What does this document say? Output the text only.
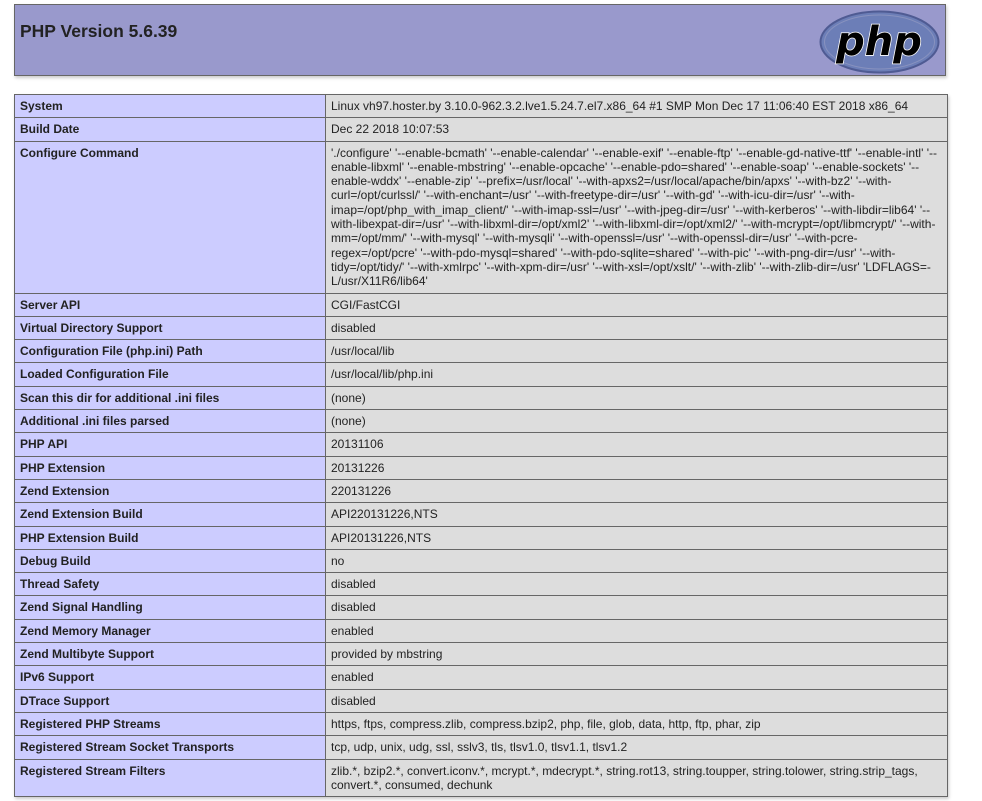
PHP Version 5.6.39	php
System	Linux vh97.hoster.by 3.10.0-962.3.2.lve1.5.24.7.el7.x86_64 #1 SMP Mon Dec 17 11:06:40 EST 2018 x86_64
Build Date	Dec 22 2018 10:07:53
Configure Command	'./configure' '--enable-bcmath' '--enable-calendar' '--enable-exif' '--enable-ftp' '--enable-gd-native-ttf' '--enable-intl' '--enable-libxml' '--enable-mbstring' '--enable-opcache' '--enable-pdo=shared' '--enable-soap' '--enable-sockets' '--enable-wddx' '--enable-zip' '--prefix=/usr/local' '--with-apxs2=/usr/local/apache/bin/apxs' '--with-bz2' '--with-curl=/opt/curlssl/' '--with-enchant=/usr' '--with-freetype-dir=/usr' '--with-gd' '--with-icu-dir=/usr' '--with-imap=/opt/php_with_imap_client/' '--with-imap-ssl=/usr' '--with-jpeg-dir=/usr' '--with-kerberos' '--with-libdir=lib64' '--with-libexpat-dir=/usr' '--with-libxml-dir=/opt/xml2' '--with-libxml-dir=/opt/xml2/' '--with-mcrypt=/opt/libmcrypt/' '--with-mm=/opt/mm/' '--with-mysql' '--with-mysqli' '--with-openssl=/usr' '--with-openssl-dir=/usr' '--with-pcre-regex=/opt/pcre' '--with-pdo-mysql=shared' '--with-pdo-sqlite=shared' '--with-pic' '--with-png-dir=/usr' '--with-tidy=/opt/tidy/' '--with-xmlrpc' '--with-xpm-dir=/usr' '--with-xsl=/opt/xslt/' '--with-zlib' '--with-zlib-dir=/usr' 'LDFLAGS=-L/usr/X11R6/lib64'
Server API	CGI/FastCGI
Virtual Directory Support	disabled
Configuration File (php.ini) Path	/usr/local/lib
Loaded Configuration File	/usr/local/lib/php.ini
Scan this dir for additional .ini files	(none)
Additional .ini files parsed	(none)
PHP API	20131106
PHP Extension	20131226
Zend Extension	220131226
Zend Extension Build	API220131226,NTS
PHP Extension Build	API20131226,NTS
Debug Build	no
Thread Safety	disabled
Zend Signal Handling	disabled
Zend Memory Manager	enabled
Zend Multibyte Support	provided by mbstring
IPv6 Support	enabled
DTrace Support	disabled
Registered PHP Streams	https, ftps, compress.zlib, compress.bzip2, php, file, glob, data, http, ftp, phar, zip
Registered Stream Socket Transports	tcp, udp, unix, udg, ssl, sslv3, tls, tlsv1.0, tlsv1.1, tlsv1.2
Registered Stream Filters	zlib.*, bzip2.*, convert.iconv.*, mcrypt.*, mdecrypt.*, string.rot13, string.toupper, string.tolower, string.strip_tags, convert.*, consumed, dechunk
